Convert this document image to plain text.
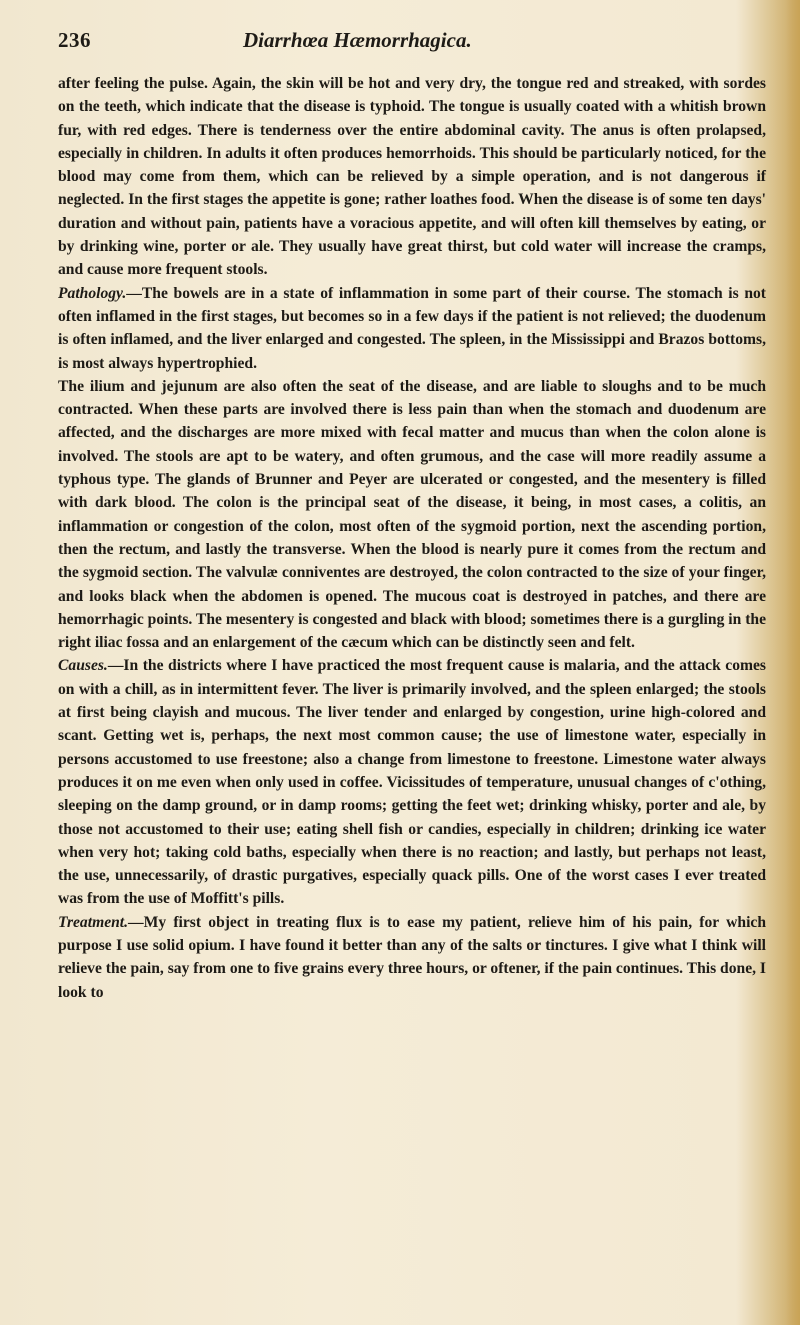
236	Diarrhœa Hæmorrhagica.

after feeling the pulse. Again, the skin will be hot and very dry, the tongue red and streaked, with sordes on the teeth, which indicate that the disease is typhoid. The tongue is usually coated with a whitish brown fur, with red edges. There is tenderness over the entire abdominal cavity. The anus is often prolapsed, especially in children. In adults it often produces hemorrhoids. This should be particularly noticed, for the blood may come from them, which can be relieved by a simple operation, and is not dangerous if neglected. In the first stages the appetite is gone; rather loathes food. When the disease is of some ten days' duration and without pain, patients have a voracious appetite, and will often kill themselves by eating, or by drinking wine, porter or ale. They usually have great thirst, but cold water will increase the cramps, and cause more frequent stools.

Pathology.—The bowels are in a state of inflammation in some part of their course. The stomach is not often inflamed in the first stages, but becomes so in a few days if the patient is not relieved; the duodenum is often inflamed, and the liver enlarged and congested. The spleen, in the Mississippi and Brazos bottoms, is most always hypertrophied.

The ilium and jejunum are also often the seat of the disease, and are liable to sloughs and to be much contracted. When these parts are involved there is less pain than when the stomach and duodenum are affected, and the discharges are more mixed with fecal matter and mucus than when the colon alone is involved. The stools are apt to be watery, and often grumous, and the case will more readily assume a typhous type. The glands of Brunner and Peyer are ulcerated or congested, and the mesentery is filled with dark blood. The colon is the principal seat of the disease, it being, in most cases, a colitis, an inflammation or congestion of the colon, most often of the sygmoid portion, next the ascending portion, then the rectum, and lastly the transverse. When the blood is nearly pure it comes from the rectum and the sygmoid section. The valvulæ conniventes are destroyed, the colon contracted to the size of your finger, and looks black when the abdomen is opened. The mucous coat is destroyed in patches, and there are hemorrhagic points. The mesentery is congested and black with blood; sometimes there is a gurgling in the right iliac fossa and an enlargement of the cæcum which can be distinctly seen and felt.

Causes.—In the districts where I have practiced the most frequent cause is malaria, and the attack comes on with a chill, as in intermittent fever. The liver is primarily involved, and the spleen enlarged; the stools at first being clayish and mucous. The liver tender and enlarged by congestion, urine high-colored and scant. Getting wet is, perhaps, the next most common cause; the use of limestone water, especially in persons accustomed to use freestone; also a change from limestone to freestone. Limestone water always produces it on me even when only used in coffee. Vicissitudes of temperature, unusual changes of c'othing, sleeping on the damp ground, or in damp rooms; getting the feet wet; drinking whisky, porter and ale, by those not accustomed to their use; eating shell fish or candies, especially in children; drinking ice water when very hot; taking cold baths, especially when there is no reaction; and lastly, but perhaps not least, the use, unnecessarily, of drastic purgatives, especially quack pills. One of the worst cases I ever treated was from the use of Moffitt's pills.

Treatment.—My first object in treating flux is to ease my patient, relieve him of his pain, for which purpose I use solid opium. I have found it better than any of the salts or tinctures. I give what I think will relieve the pain, say from one to five grains every three hours, or oftener, if the pain continues. This done, I look to
